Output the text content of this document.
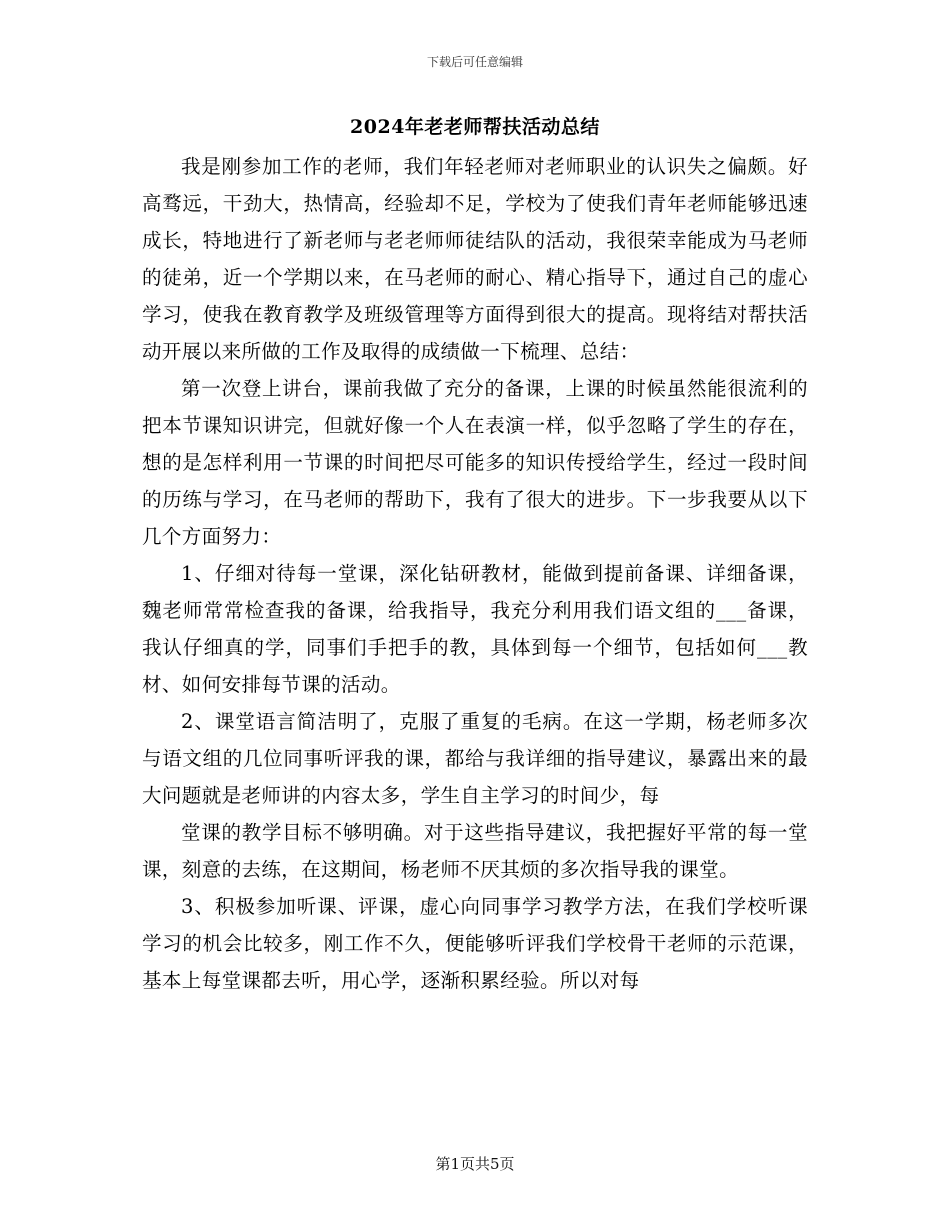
下载后可任意编辑
2024年老老师帮扶活动总结

我是刚参加工作的老师，我们年轻老师对老师职业的认识失之偏颇。好高骛远，干劲大，热情高，经验却不足，学校为了使我们青年老师能够迅速成长，特地进行了新老师与老老师师徒结队的活动，我很荣幸能成为马老师的徒弟，近一个学期以来，在马老师的耐心、精心指导下，通过自己的虚心学习，使我在教育教学及班级管理等方面得到很大的提高。现将结对帮扶活动开展以来所做的工作及取得的成绩做一下梳理、总结：

第一次登上讲台，课前我做了充分的备课，上课的时候虽然能很流利的把本节课知识讲完，但就好像一个人在表演一样，似乎忽略了学生的存在，想的是怎样利用一节课的时间把尽可能多的知识传授给学生，经过一段时间的历练与学习，在马老师的帮助下，我有了很大的进步。下一步我要从以下几个方面努力：

1、仔细对待每一堂课，深化钻研教材，能做到提前备课、详细备课，魏老师常常检查我的备课，给我指导，我充分利用我们语文组的___备课，我认仔细真的学，同事们手把手的教，具体到每一个细节，包括如何___教材、如何安排每节课的活动。

2、课堂语言简洁明了，克服了重复的毛病。在这一学期，杨老师多次与语文组的几位同事听评我的课，都给与我详细的指导建议，暴露出来的最大问题就是老师讲的内容太多，学生自主学习的时间少，每

堂课的教学目标不够明确。对于这些指导建议，我把握好平常的每一堂课，刻意的去练，在这期间，杨老师不厌其烦的多次指导我的课堂。

3、积极参加听课、评课，虚心向同事学习教学方法，在我们学校听课学习的机会比较多，刚工作不久，便能够听评我们学校骨干老师的示范课，基本上每堂课都去听，用心学，逐渐积累经验。所以对每

第1页共5页
